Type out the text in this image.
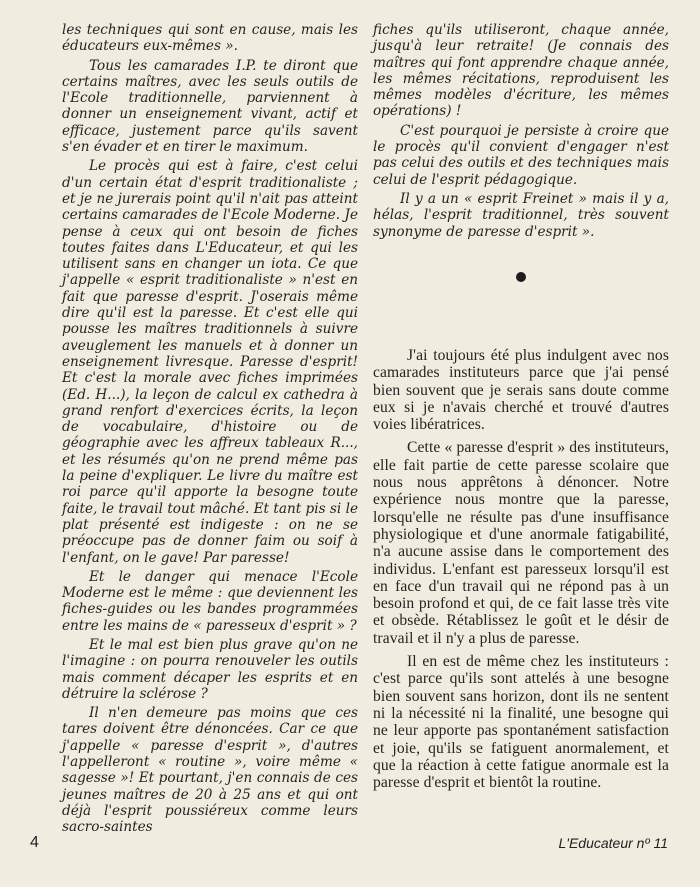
les techniques qui sont en cause, mais les éducateurs eux-mêmes ».

Tous les camarades I.P. te diront que certains maîtres, avec les seuls outils de l'Ecole traditionnelle, parviennent à donner un enseignement vivant, actif et efficace, justement parce qu'ils savent s'en évader et en tirer le maximum.

Le procès qui est à faire, c'est celui d'un certain état d'esprit traditionaliste ; et je ne jurerais point qu'il n'ait pas atteint certains camarades de l'Ecole Moderne. Je pense à ceux qui ont besoin de fiches toutes faites dans L'Educateur, et qui les utilisent sans en changer un iota. Ce que j'appelle « esprit traditionaliste » n'est en fait que paresse d'esprit. J'oserais même dire qu'il est la paresse. Et c'est elle qui pousse les maîtres traditionnels à suivre aveuglement les manuels et à donner un enseignement livresque. Paresse d'esprit! Et c'est la morale avec fiches imprimées (Ed. H...), la leçon de calcul ex cathedra à grand renfort d'exercices écrits, la leçon de vocabulaire, d'histoire ou de géographie avec les affreux tableaux R..., et les résumés qu'on ne prend même pas la peine d'expliquer. Le livre du maître est roi parce qu'il apporte la besogne toute faite, le travail tout mâché. Et tant pis si le plat présenté est indigeste : on ne se préoccupe pas de donner faim ou soif à l'enfant, on le gave! Par paresse!

Et le danger qui menace l'Ecole Moderne est le même : que deviennent les fiches-guides ou les bandes programmées entre les mains de « paresseux d'esprit » ?

Et le mal est bien plus grave qu'on ne l'imagine : on pourra renouveler les outils mais comment décaper les esprits et en détruire la sclérose ?

Il n'en demeure pas moins que ces tares doivent être dénoncées. Car ce que j'appelle « paresse d'esprit », d'autres l'appelleront « routine », voire même « sagesse »! Et pourtant, j'en connais de ces jeunes maîtres de 20 à 25 ans et qui ont déjà l'esprit poussiéreux comme leurs sacro-saintes

fiches qu'ils utiliseront, chaque année, jusqu'à leur retraite! (Je connais des maîtres qui font apprendre chaque année, les mêmes récitations, reproduisent les mêmes modèles d'écriture, les mêmes opérations) !

C'est pourquoi je persiste à croire que le procès qu'il convient d'engager n'est pas celui des outils et des techniques mais celui de l'esprit pédagogique.

Il y a un « esprit Freinet » mais il y a, hélas, l'esprit traditionnel, très souvent synonyme de paresse d'esprit ».

J'ai toujours été plus indulgent avec nos camarades instituteurs parce que j'ai pensé bien souvent que je serais sans doute comme eux si je n'avais cherché et trouvé d'autres voies libératrices.

Cette « paresse d'esprit » des instituteurs, elle fait partie de cette paresse scolaire que nous nous apprêtons à dénoncer. Notre expérience nous montre que la paresse, lorsqu'elle ne résulte pas d'une insuffisance physiologique et d'une anormale fatigabilité, n'a aucune assise dans le comportement des individus. L'enfant est paresseux lorsqu'il est en face d'un travail qui ne répond pas à un besoin profond et qui, de ce fait lasse très vite et obsède. Rétablissez le goût et le désir de travail et il n'y a plus de paresse.

Il en est de même chez les instituteurs : c'est parce qu'ils sont attelés à une besogne bien souvent sans horizon, dont ils ne sentent ni la nécessité ni la finalité, une besogne qui ne leur apporte pas spontanément satisfaction et joie, qu'ils se fatiguent anormalement, et que la réaction à cette fatigue anormale est la paresse d'esprit et bientôt la routine.

4	L'Educateur nº 11
